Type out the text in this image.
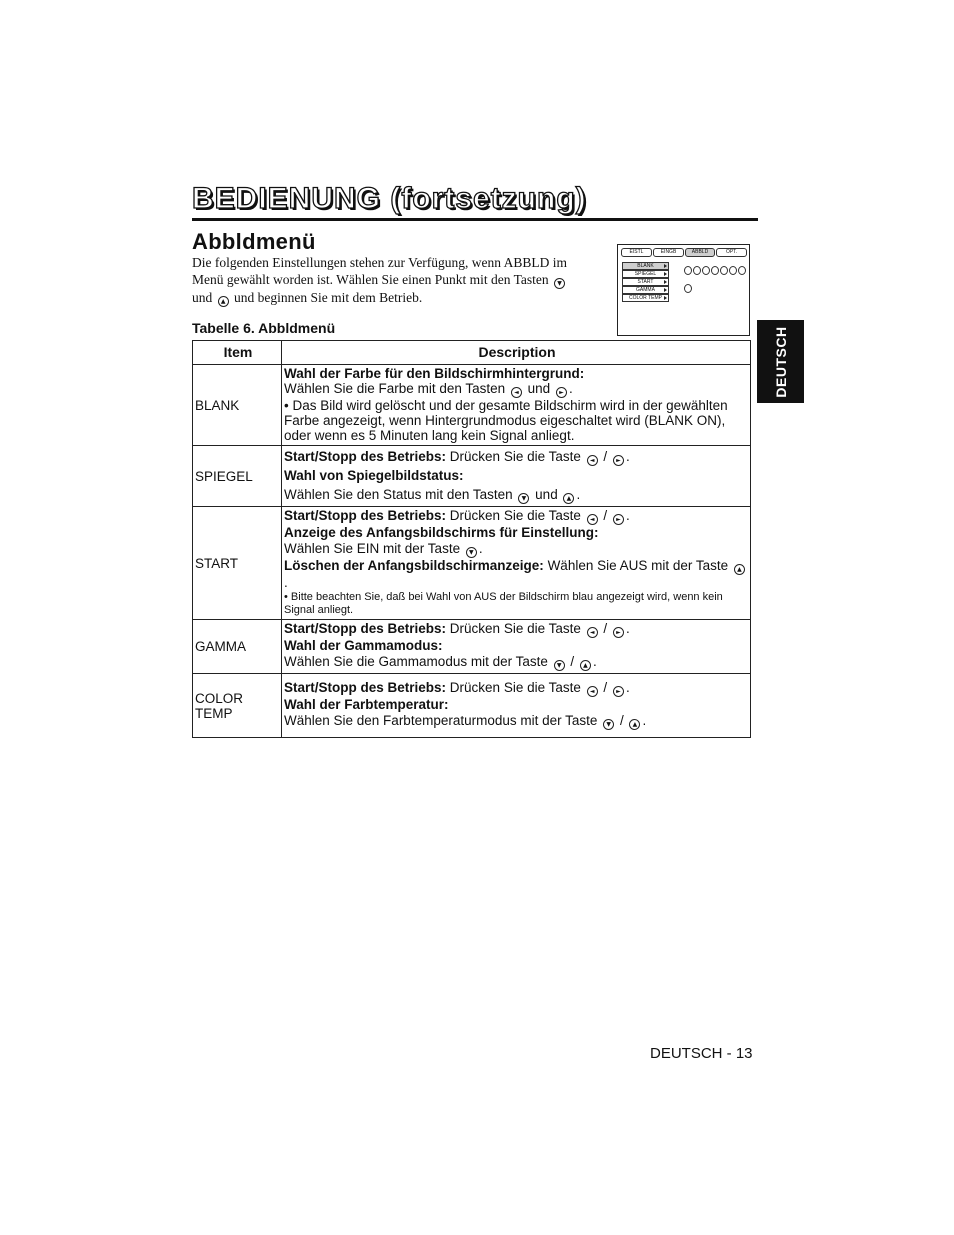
BEDIENUNG (fortsetzung)
Abbldmenü
Die folgenden Einstellungen stehen zur Verfügung, wenn ABBLD im
Menü gewählt worden ist. Wählen Sie einen Punkt mit den Tasten ▼
und ▲ und beginnen Sie mit dem Betrieb.
EISTL	EINGB	ABBLD	OPT.
BLANK
SPIEGEL
START
GAMMA
COLOR TEMP
DEUTSCH
Tabelle 6. Abbldmenü
Item	Description
BLANK	Wahl der Farbe für den Bildschirmhintergrund:
Wählen Sie die Farbe mit den Tasten ◄ und ► .
• Das Bild wird gelöscht und der gesamte Bildschirm wird in der gewählten Farbe angezeigt, wenn Hintergrundmodus eigeschaltet wird (BLANK ON), oder wenn es 5 Minuten lang kein Signal anliegt.

SPIEGEL	Start/Stopp des Betriebs: Drücken Sie die Taste ◄ / ► .
Wahl von Spiegelbildstatus:
Wählen Sie den Status mit den Tasten ▼ und ▲ .

START	Start/Stopp des Betriebs: Drücken Sie die Taste ◄ / ► .
Anzeige des Anfangsbildschirms für Einstellung:
Wählen Sie EIN mit der Taste ▼ .
Löschen der Anfangsbildschirmanzeige: Wählen Sie AUS mit der Taste ▲.
• Bitte beachten Sie, daß bei Wahl von AUS der Bildschirm blau angezeigt wird, wenn kein Signal anliegt.

GAMMA	Start/Stopp des Betriebs: Drücken Sie die Taste ◄ / ► .
Wahl der Gammamodus:
Wählen Sie die Gammamodus mit der Taste ▼ / ▲ .

COLOR
TEMP	Start/Stopp des Betriebs: Drücken Sie die Taste ◄ / ► .
Wahl der Farbtemperatur:
Wählen Sie den Farbtemperaturmodus mit der Taste ▼ / ▲ .
DEUTSCH - 13
